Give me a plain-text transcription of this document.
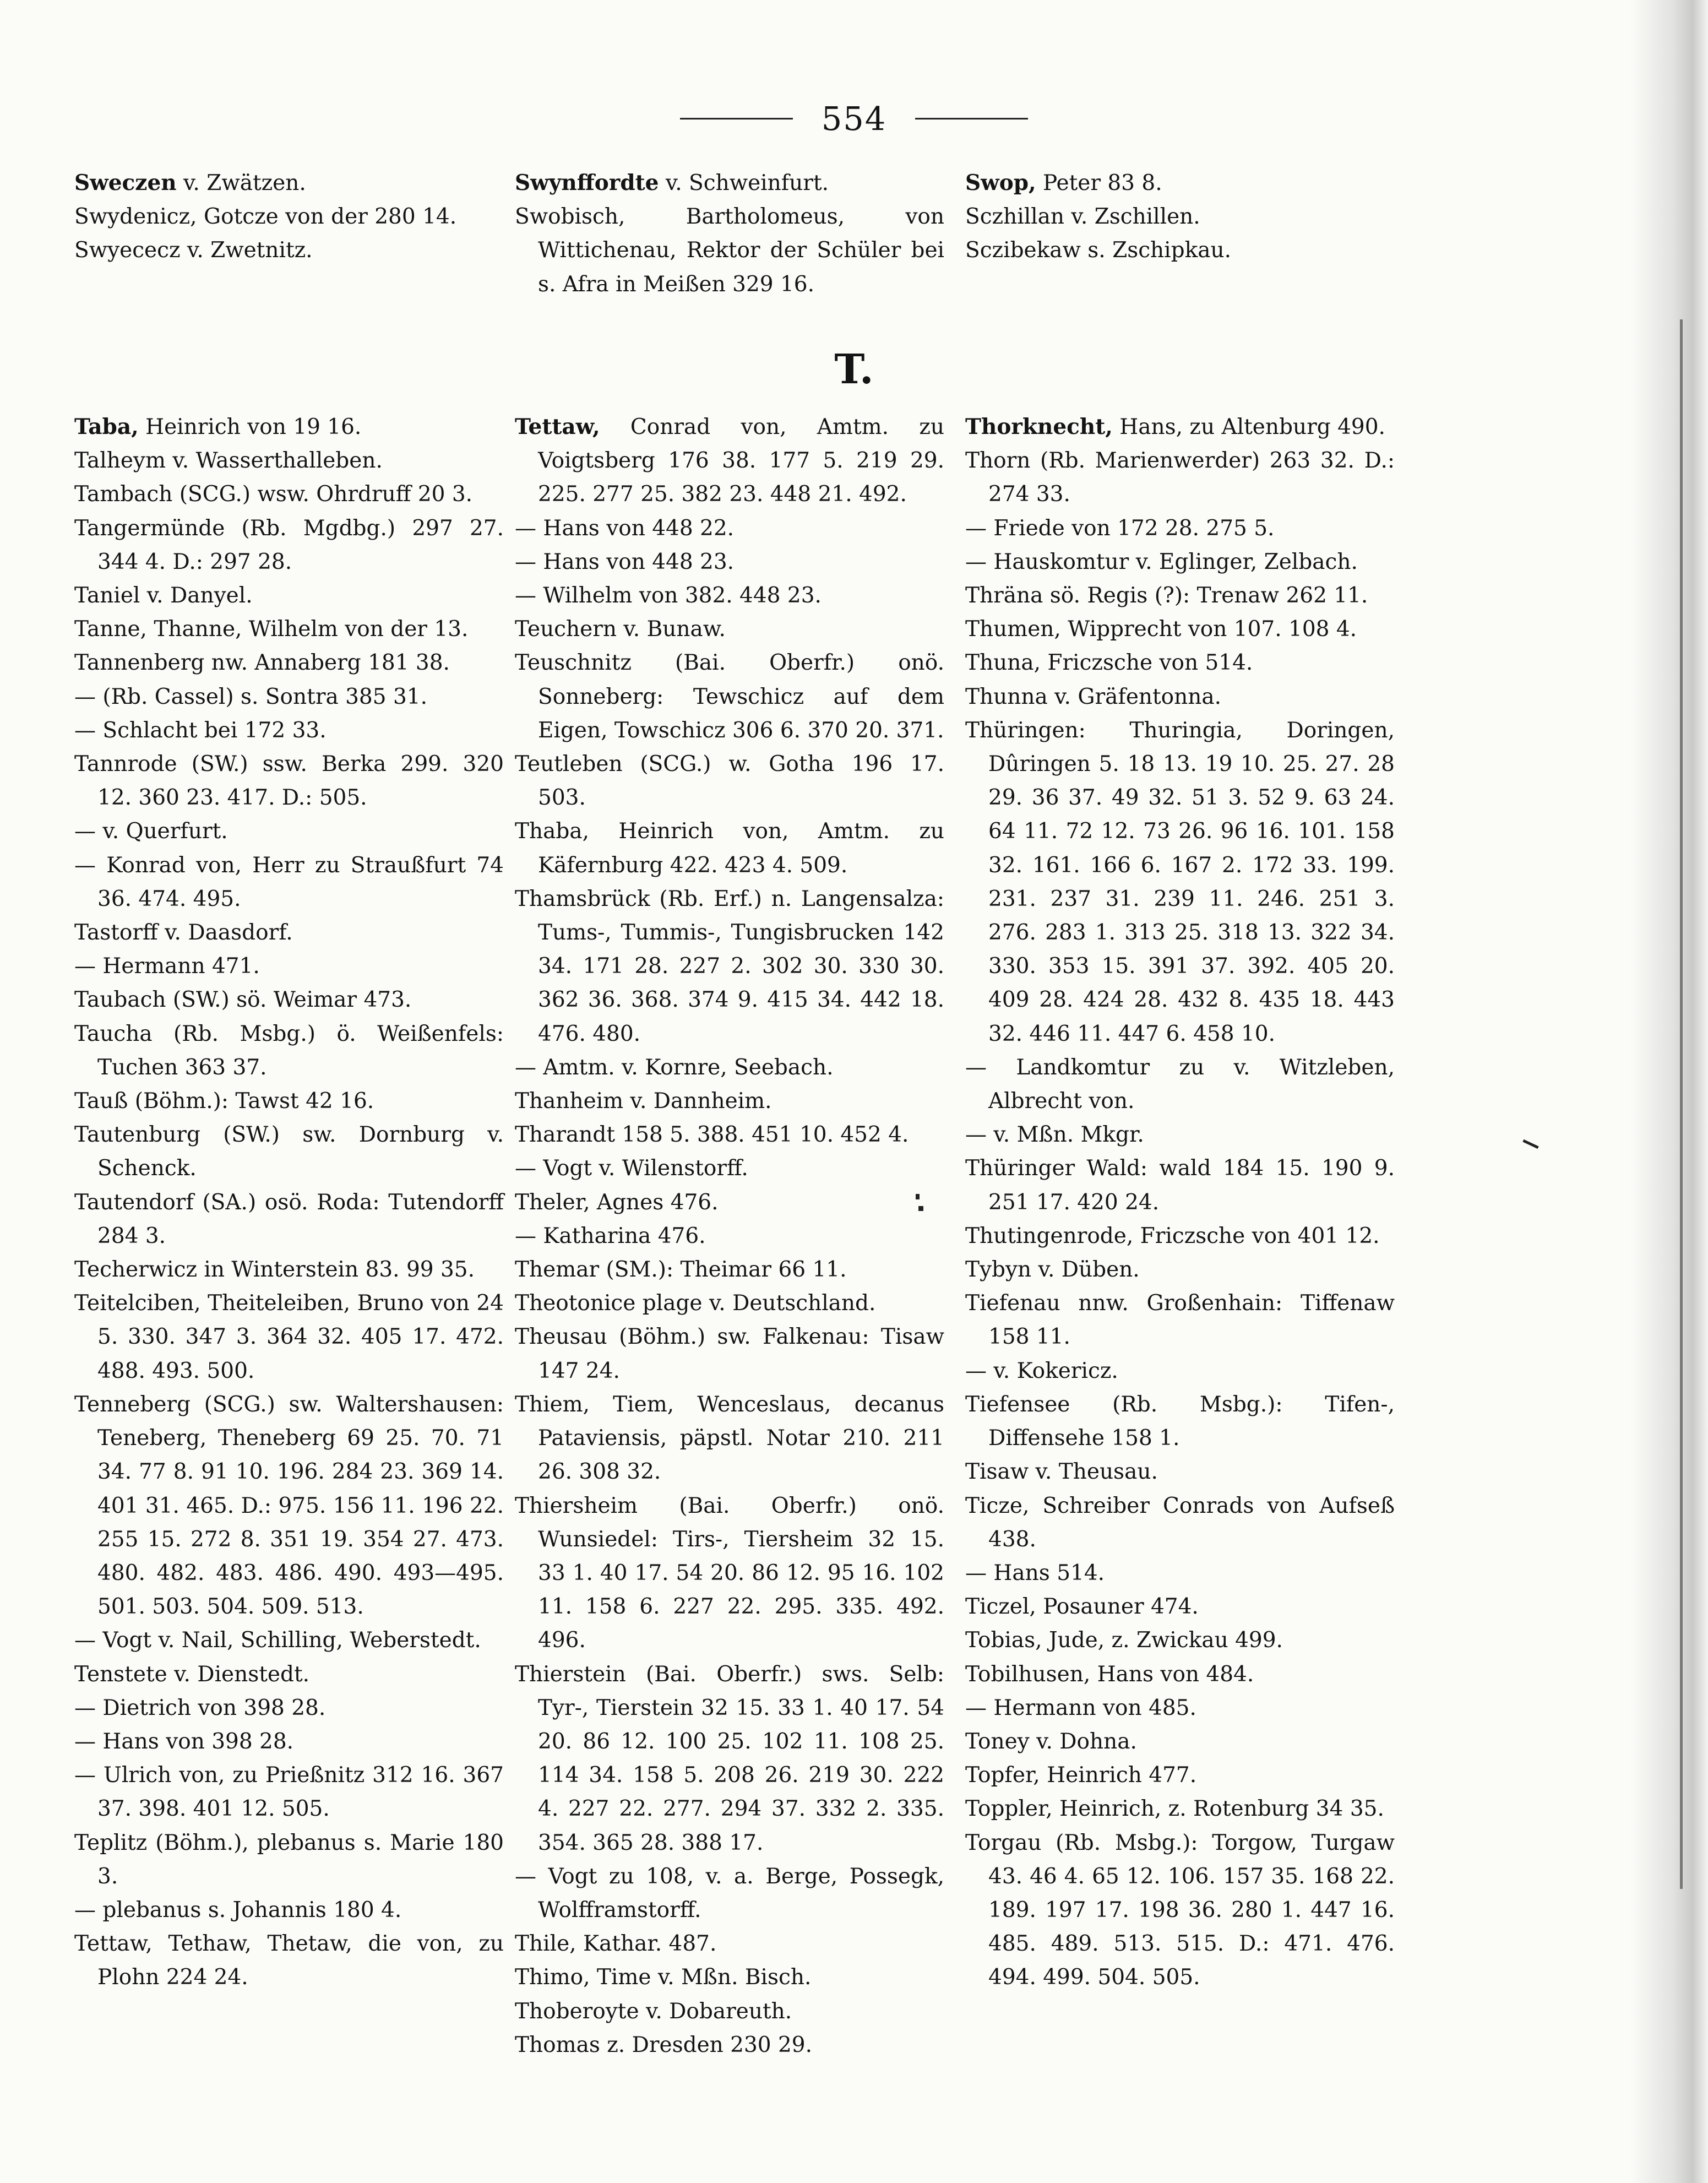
554
Sweczen v. Zwätzen.
Swydenicz, Gotcze von der 280 14.
Swyececz v. Zwetnitz.
Swynffordte v. Schweinfurt.
Swobisch, Bartholomeus, von Wittichenau, Rektor der Schüler bei s. Afra in Meißen 329 16.
Swop, Peter 83 8.
Sczhillan v. Zschillen.
Sczibekaw s. Zschipkau.
T.
Taba, Heinrich von 19 16.
Talheym v. Wasserthalleben.
Tambach (SCG.) wsw. Ohrdruff 20 3.
Tangermünde (Rb. Mgdbg.) 297 27. 344 4. D.: 297 28.
Taniel v. Danyel.
Tanne, Thanne, Wilhelm von der 13.
Tannenberg nw. Annaberg 181 38.
— (Rb. Cassel) s. Sontra 385 31.
— Schlacht bei 172 33.
Tannrode (SW.) ssw. Berka 299. 320 12. 360 23. 417. D.: 505.
— v. Querfurt.
— Konrad von, Herr zu Straußfurt 74 36. 474. 495.
Tastorff v. Daasdorf.
— Hermann 471.
Taubach (SW.) sö. Weimar 473.
Taucha (Rb. Msbg.) ö. Weißenfels: Tuchen 363 37.
Tauß (Böhm.): Tawst 42 16.
Tautenburg (SW.) sw. Dornburg v. Schenck.
Tautendorf (SA.) osö. Roda: Tutendorff 284 3.
Techerwicz in Winterstein 83. 99 35.
Teitelciben, Theiteleiben, Bruno von 24 5. 330. 347 3. 364 32. 405 17. 472. 488. 493. 500.
Tenneberg (SCG.) sw. Waltershausen: Teneberg, Theneberg 69 25. 70. 71 34. 77 8. 91 10. 196. 284 23. 369 14. 401 31. 465. D.: 975. 156 11. 196 22. 255 15. 272 8. 351 19. 354 27. 473. 480. 482. 483. 486. 490. 493—495. 501. 503. 504. 509. 513.
— Vogt v. Nail, Schilling, Weberstedt.
Tenstete v. Dienstedt.
— Dietrich von 398 28.
— Hans von 398 28.
— Ulrich von, zu Prießnitz 312 16. 367 37. 398. 401 12. 505.
Teplitz (Böhm.), plebanus s. Marie 180 3.
— plebanus s. Johannis 180 4.
Tettaw, Tethaw, Thetaw, die von, zu Plohn 224 24.
Tettaw, Conrad von, Amtm. zu Voigtsberg 176 38. 177 5. 219 29. 225. 277 25. 382 23. 448 21. 492.
— Hans von 448 22.
— Hans von 448 23.
— Wilhelm von 382. 448 23.
Teuchern v. Bunaw.
Teuschnitz (Bai. Oberfr.) onö. Sonneberg: Tewschicz auf dem Eigen, Towschicz 306 6. 370 20. 371.
Teutleben (SCG.) w. Gotha 196 17. 503.
Thaba, Heinrich von, Amtm. zu Käfernburg 422. 423 4. 509.
Thamsbrück (Rb. Erf.) n. Langensalza: Tums-, Tummis-, Tungisbrucken 142 34. 171 28. 227 2. 302 30. 330 30. 362 36. 368. 374 9. 415 34. 442 18. 476. 480.
— Amtm. v. Kornre, Seebach.
Thanheim v. Dannheim.
Tharandt 158 5. 388. 451 10. 452 4.
— Vogt v. Wilenstorff.
Theler, Agnes 476.
— Katharina 476.
Themar (SM.): Theimar 66 11.
Theotonice plage v. Deutschland.
Theusau (Böhm.) sw. Falkenau: Tisaw 147 24.
Thiem, Tiem, Wenceslaus, decanus Pataviensis, päpstl. Notar 210. 211 26. 308 32.
Thiersheim (Bai. Oberfr.) onö. Wunsiedel: Tirs-, Tiersheim 32 15. 33 1. 40 17. 54 20. 86 12. 95 16. 102 11. 158 6. 227 22. 295. 335. 492. 496.
Thierstein (Bai. Oberfr.) sws. Selb: Tyr-, Tierstein 32 15. 33 1. 40 17. 54 20. 86 12. 100 25. 102 11. 108 25. 114 34. 158 5. 208 26. 219 30. 222 4. 227 22. 277. 294 37. 332 2. 335. 354. 365 28. 388 17.
— Vogt zu 108, v. a. Berge, Possegk, Wolfframstorff.
Thile, Kathar. 487.
Thimo, Time v. Mßn. Bisch.
Thoberoyte v. Dobareuth.
Thomas z. Dresden 230 29.
Thorknecht, Hans, zu Altenburg 490.
Thorn (Rb. Marienwerder) 263 32. D.: 274 33.
— Friede von 172 28. 275 5.
— Hauskomtur v. Eglinger, Zelbach.
Thräna sö. Regis (?): Trenaw 262 11.
Thumen, Wipprecht von 107. 108 4.
Thuna, Friczsche von 514.
Thunna v. Gräfentonna.
Thüringen: Thuringia, Doringen, Dûringen 5. 18 13. 19 10. 25. 27. 28 29. 36 37. 49 32. 51 3. 52 9. 63 24. 64 11. 72 12. 73 26. 96 16. 101. 158 32. 161. 166 6. 167 2. 172 33. 199. 231. 237 31. 239 11. 246. 251 3. 276. 283 1. 313 25. 318 13. 322 34. 330. 353 15. 391 37. 392. 405 20. 409 28. 424 28. 432 8. 435 18. 443 32. 446 11. 447 6. 458 10.
— Landkomtur zu v. Witzleben, Albrecht von.
— v. Mßn. Mkgr.
Thüringer Wald: wald 184 15. 190 9. 251 17. 420 24.
Thutingenrode, Friczsche von 401 12.
Tybyn v. Düben.
Tiefenau nnw. Großenhain: Tiffenaw 158 11.
— v. Kokericz.
Tiefensee (Rb. Msbg.): Tifen-, Diffensehe 158 1.
Tisaw v. Theusau.
Ticze, Schreiber Conrads von Aufseß 438.
— Hans 514.
Ticzel, Posauner 474.
Tobias, Jude, z. Zwickau 499.
Tobilhusen, Hans von 484.
— Hermann von 485.
Toney v. Dohna.
Topfer, Heinrich 477.
Toppler, Heinrich, z. Rotenburg 34 35.
Torgau (Rb. Msbg.): Torgow, Turgaw 43. 46 4. 65 12. 106. 157 35. 168 22. 189. 197 17. 198 36. 280 1. 447 16. 485. 489. 513. 515. D.: 471. 476. 494. 499. 504. 505.
